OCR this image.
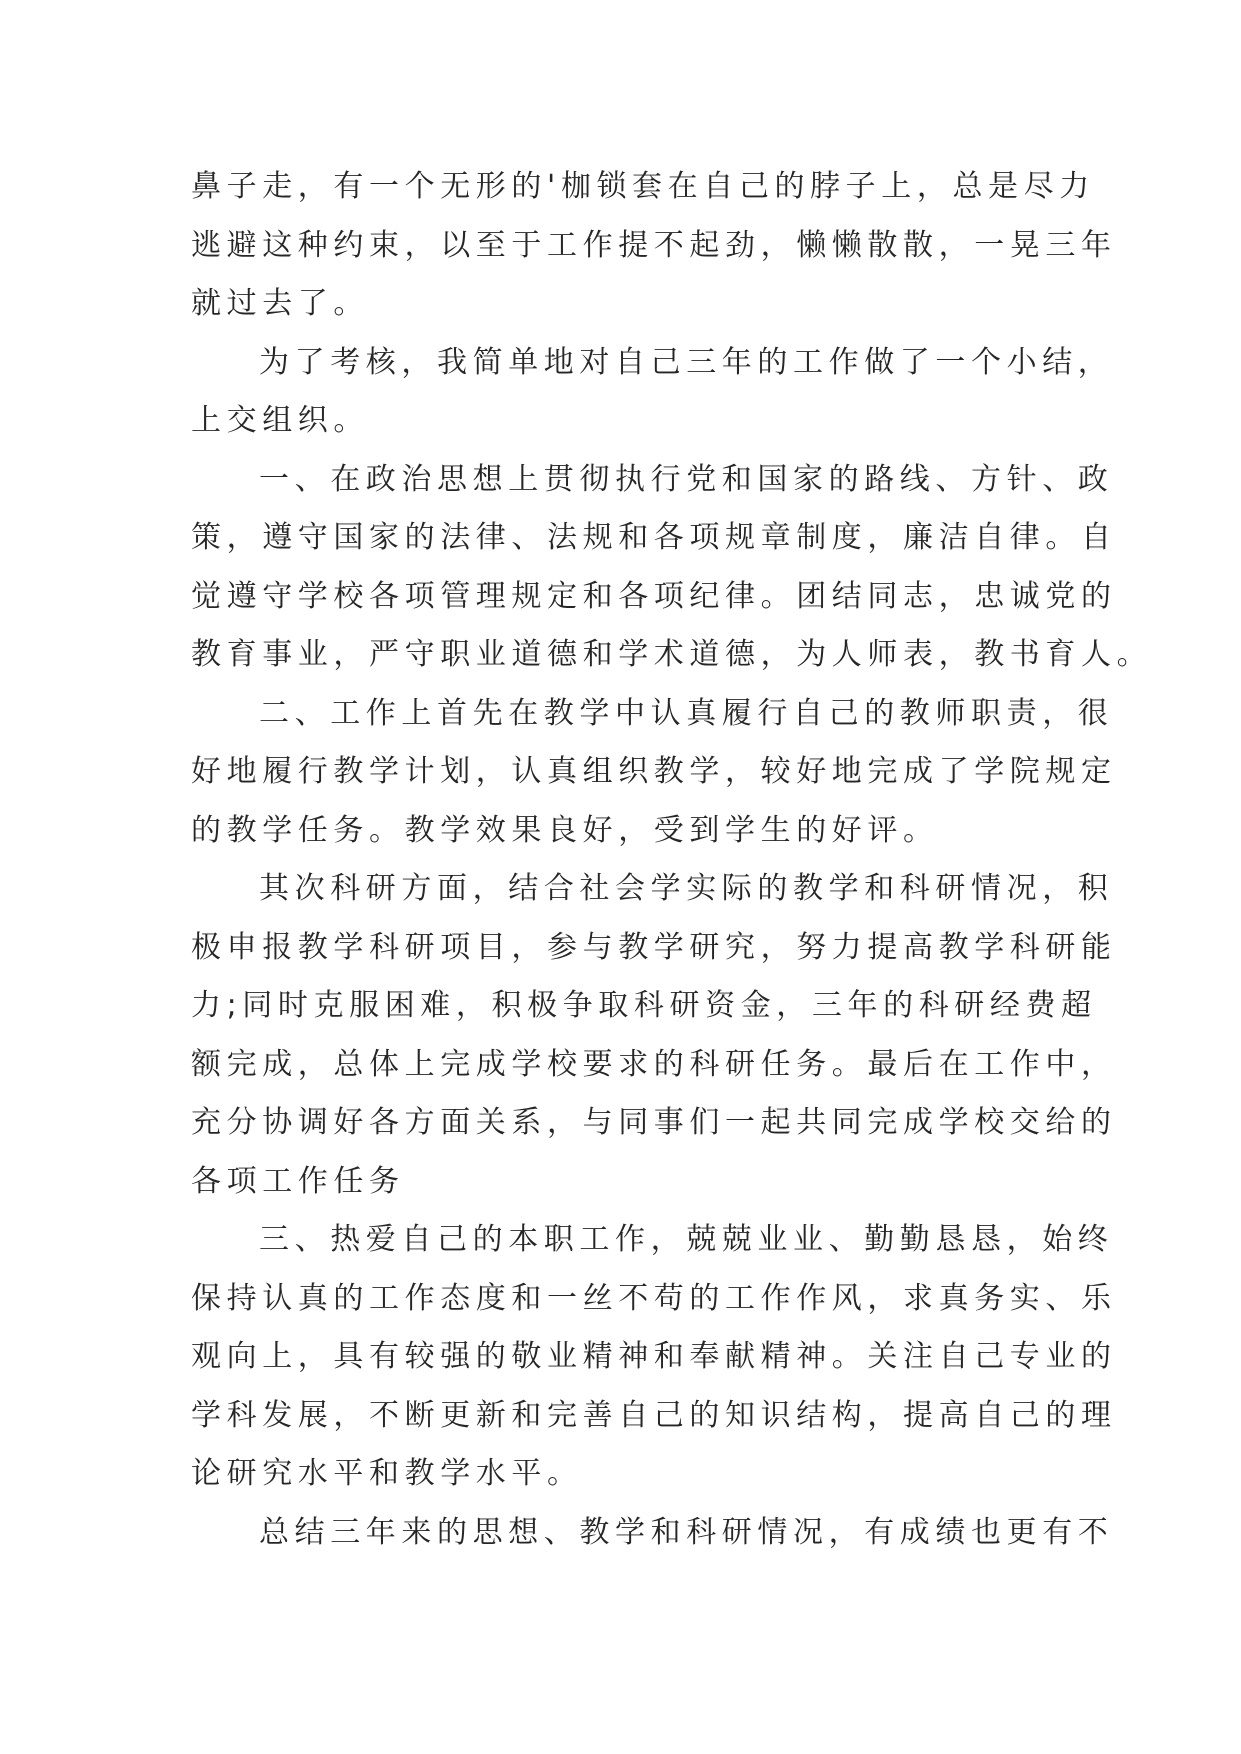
鼻子走，有一个无形的'枷锁套在自己的脖子上，总是尽力
逃避这种约束，以至于工作提不起劲，懒懒散散，一晃三年
就过去了。
为了考核，我简单地对自己三年的工作做了一个小结，
上交组织。
一、在政治思想上贯彻执行党和国家的路线、方针、政
策，遵守国家的法律、法规和各项规章制度，廉洁自律。自
觉遵守学校各项管理规定和各项纪律。团结同志，忠诚党的
教育事业，严守职业道德和学术道德，为人师表，教书育人。
二、工作上首先在教学中认真履行自己的教师职责，很
好地履行教学计划，认真组织教学，较好地完成了学院规定
的教学任务。教学效果良好，受到学生的好评。
其次科研方面，结合社会学实际的教学和科研情况，积
极申报教学科研项目，参与教学研究，努力提高教学科研能
力;同时克服困难，积极争取科研资金，三年的科研经费超
额完成，总体上完成学校要求的科研任务。最后在工作中，
充分协调好各方面关系，与同事们一起共同完成学校交给的
各项工作任务
三、热爱自己的本职工作，兢兢业业、勤勤恳恳，始终
保持认真的工作态度和一丝不苟的工作作风，求真务实、乐
观向上，具有较强的敬业精神和奉献精神。关注自己专业的
学科发展，不断更新和完善自己的知识结构，提高自己的理
论研究水平和教学水平。
总结三年来的思想、教学和科研情况，有成绩也更有不
